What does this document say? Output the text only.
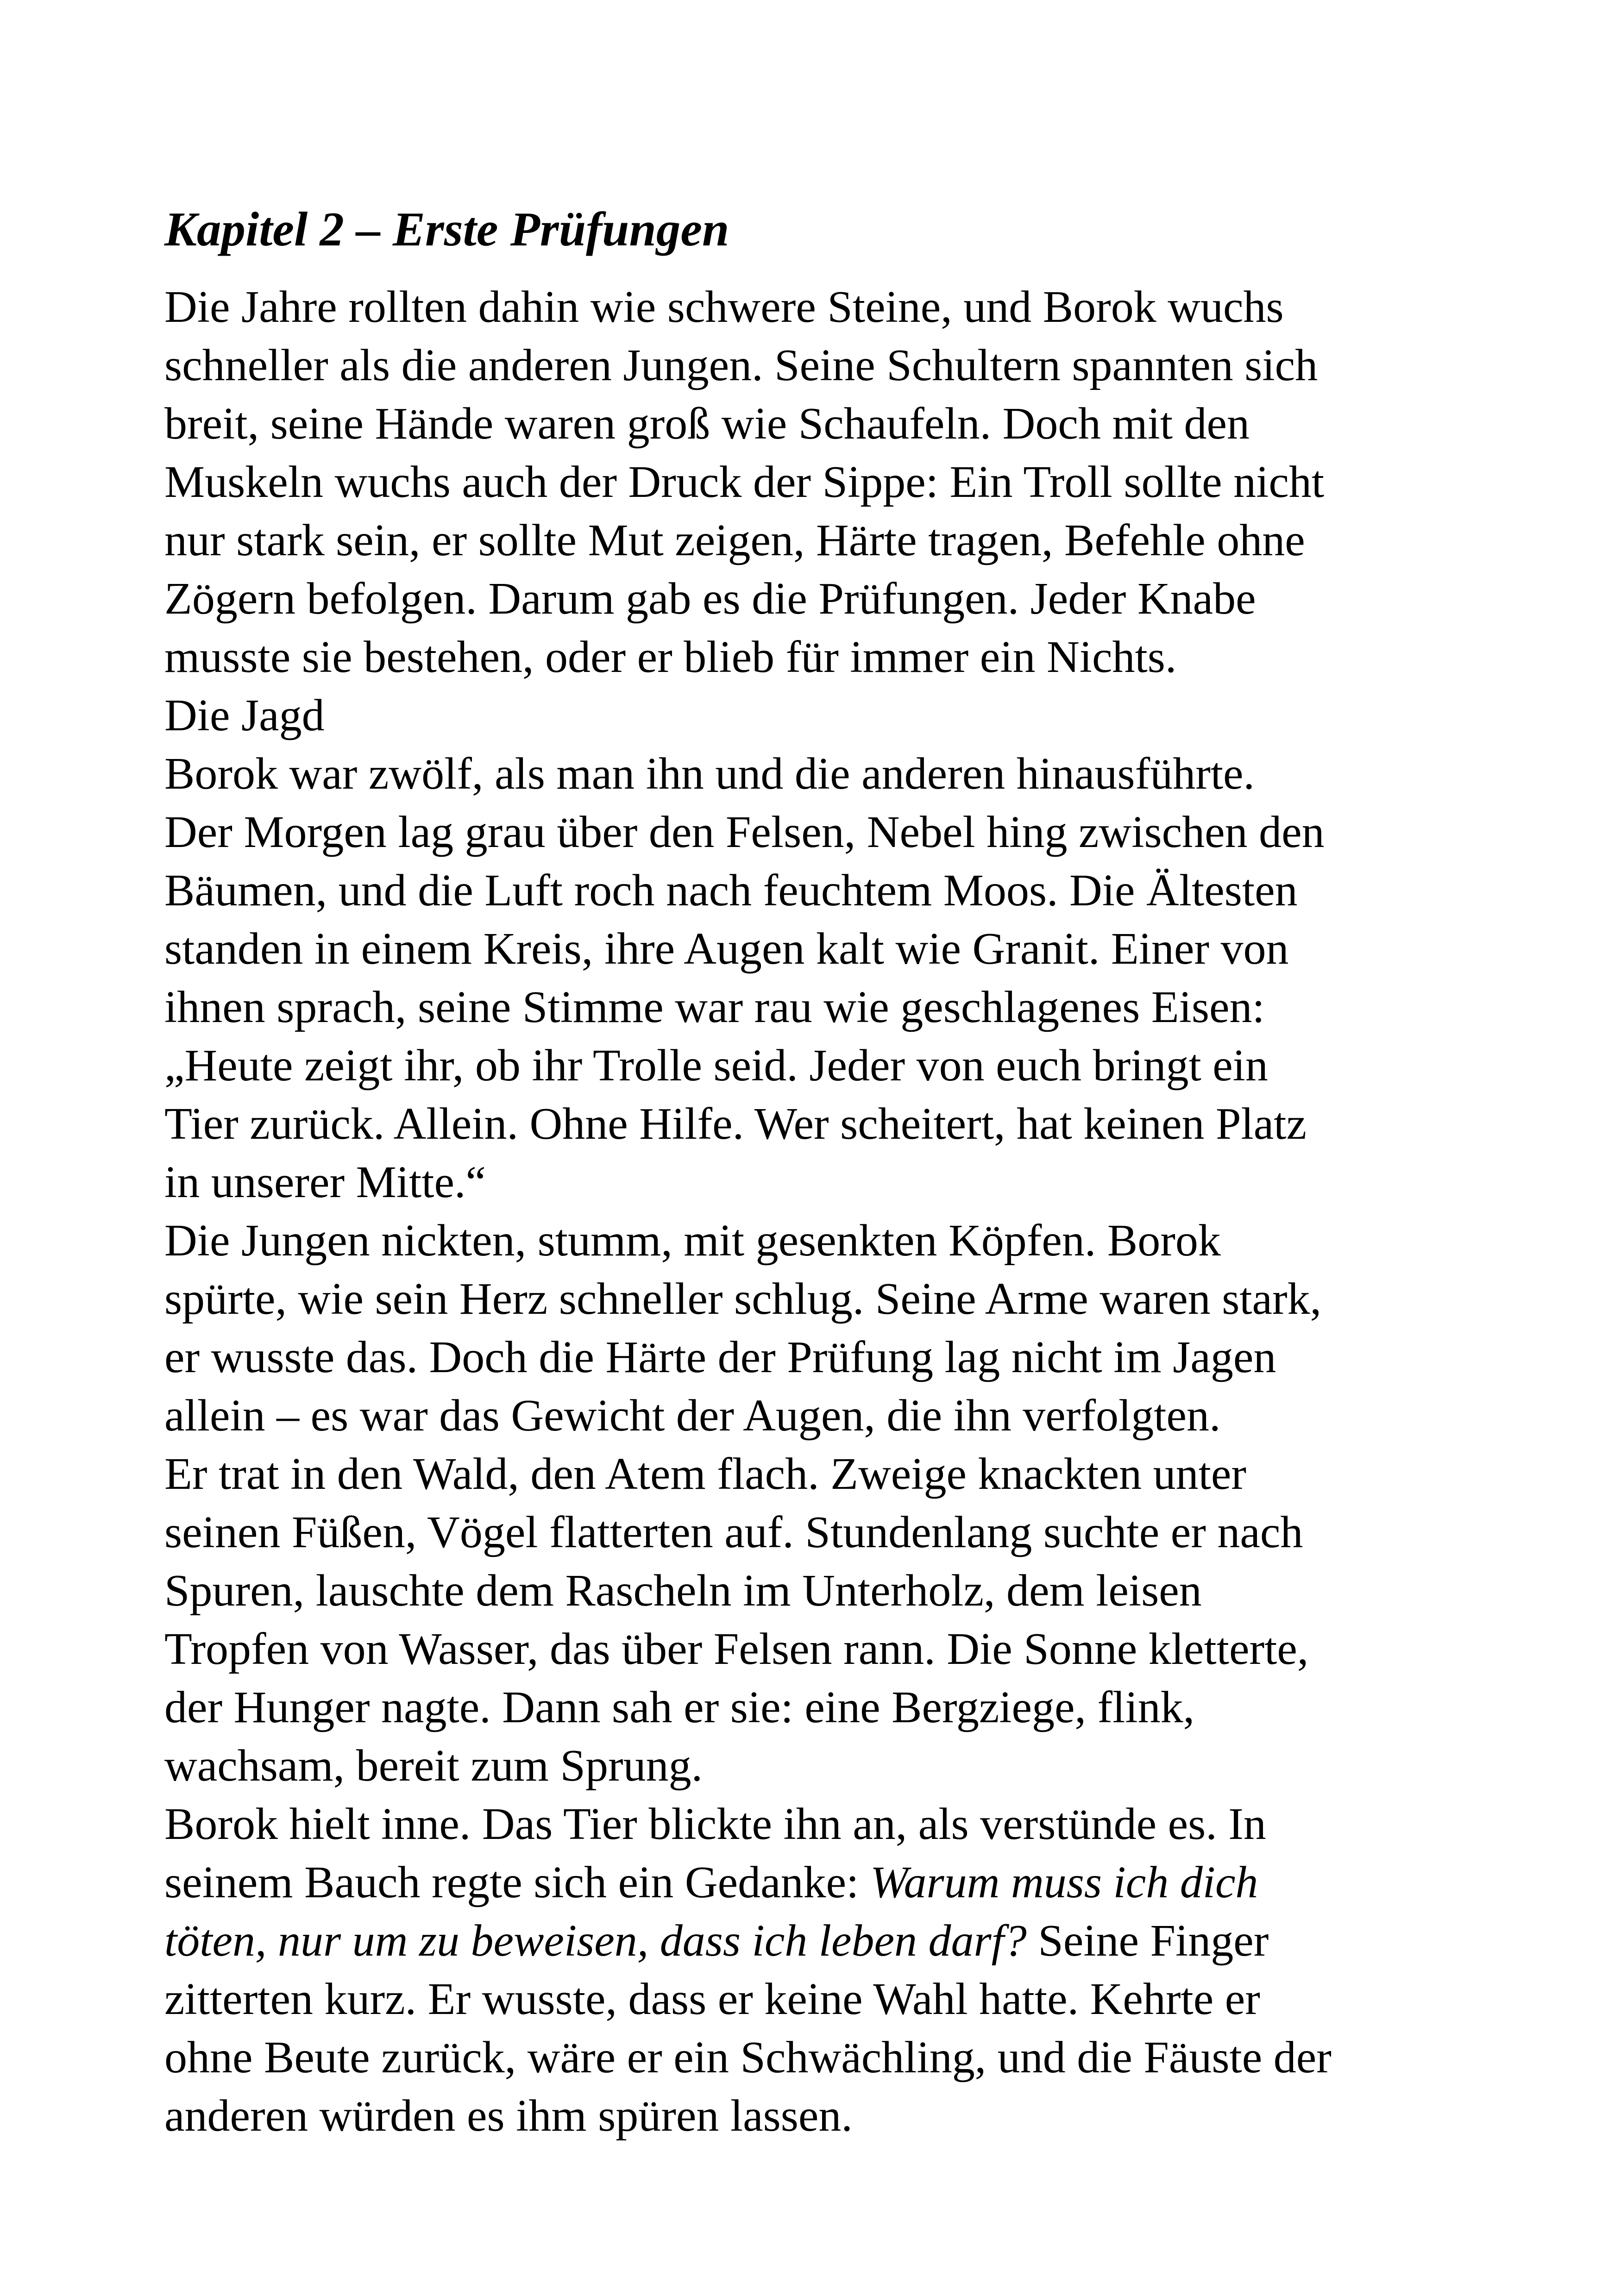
Kapitel 2 – Erste Prüfungen

Die Jahre rollten dahin wie schwere Steine, und Borok wuchs
schneller als die anderen Jungen. Seine Schultern spannten sich
breit, seine Hände waren groß wie Schaufeln. Doch mit den
Muskeln wuchs auch der Druck der Sippe: Ein Troll sollte nicht
nur stark sein, er sollte Mut zeigen, Härte tragen, Befehle ohne
Zögern befolgen. Darum gab es die Prüfungen. Jeder Knabe
musste sie bestehen, oder er blieb für immer ein Nichts.

Die Jagd

Borok war zwölf, als man ihn und die anderen hinausführte.
Der Morgen lag grau über den Felsen, Nebel hing zwischen den
Bäumen, und die Luft roch nach feuchtem Moos. Die Ältesten
standen in einem Kreis, ihre Augen kalt wie Granit. Einer von
ihnen sprach, seine Stimme war rau wie geschlagenes Eisen:
„Heute zeigt ihr, ob ihr Trolle seid. Jeder von euch bringt ein
Tier zurück. Allein. Ohne Hilfe. Wer scheitert, hat keinen Platz
in unserer Mitte.“

Die Jungen nickten, stumm, mit gesenkten Köpfen. Borok
spürte, wie sein Herz schneller schlug. Seine Arme waren stark,
er wusste das. Doch die Härte der Prüfung lag nicht im Jagen
allein – es war das Gewicht der Augen, die ihn verfolgten.

Er trat in den Wald, den Atem flach. Zweige knackten unter
seinen Füßen, Vögel flatterten auf. Stundenlang suchte er nach
Spuren, lauschte dem Rascheln im Unterholz, dem leisen
Tropfen von Wasser, das über Felsen rann. Die Sonne kletterte,
der Hunger nagte. Dann sah er sie: eine Bergziege, flink,
wachsam, bereit zum Sprung.

Borok hielt inne. Das Tier blickte ihn an, als verstünde es. In
seinem Bauch regte sich ein Gedanke: Warum muss ich dich
töten, nur um zu beweisen, dass ich leben darf? Seine Finger
zitterten kurz. Er wusste, dass er keine Wahl hatte. Kehrte er
ohne Beute zurück, wäre er ein Schwächling, und die Fäuste der
anderen würden es ihm spüren lassen.
